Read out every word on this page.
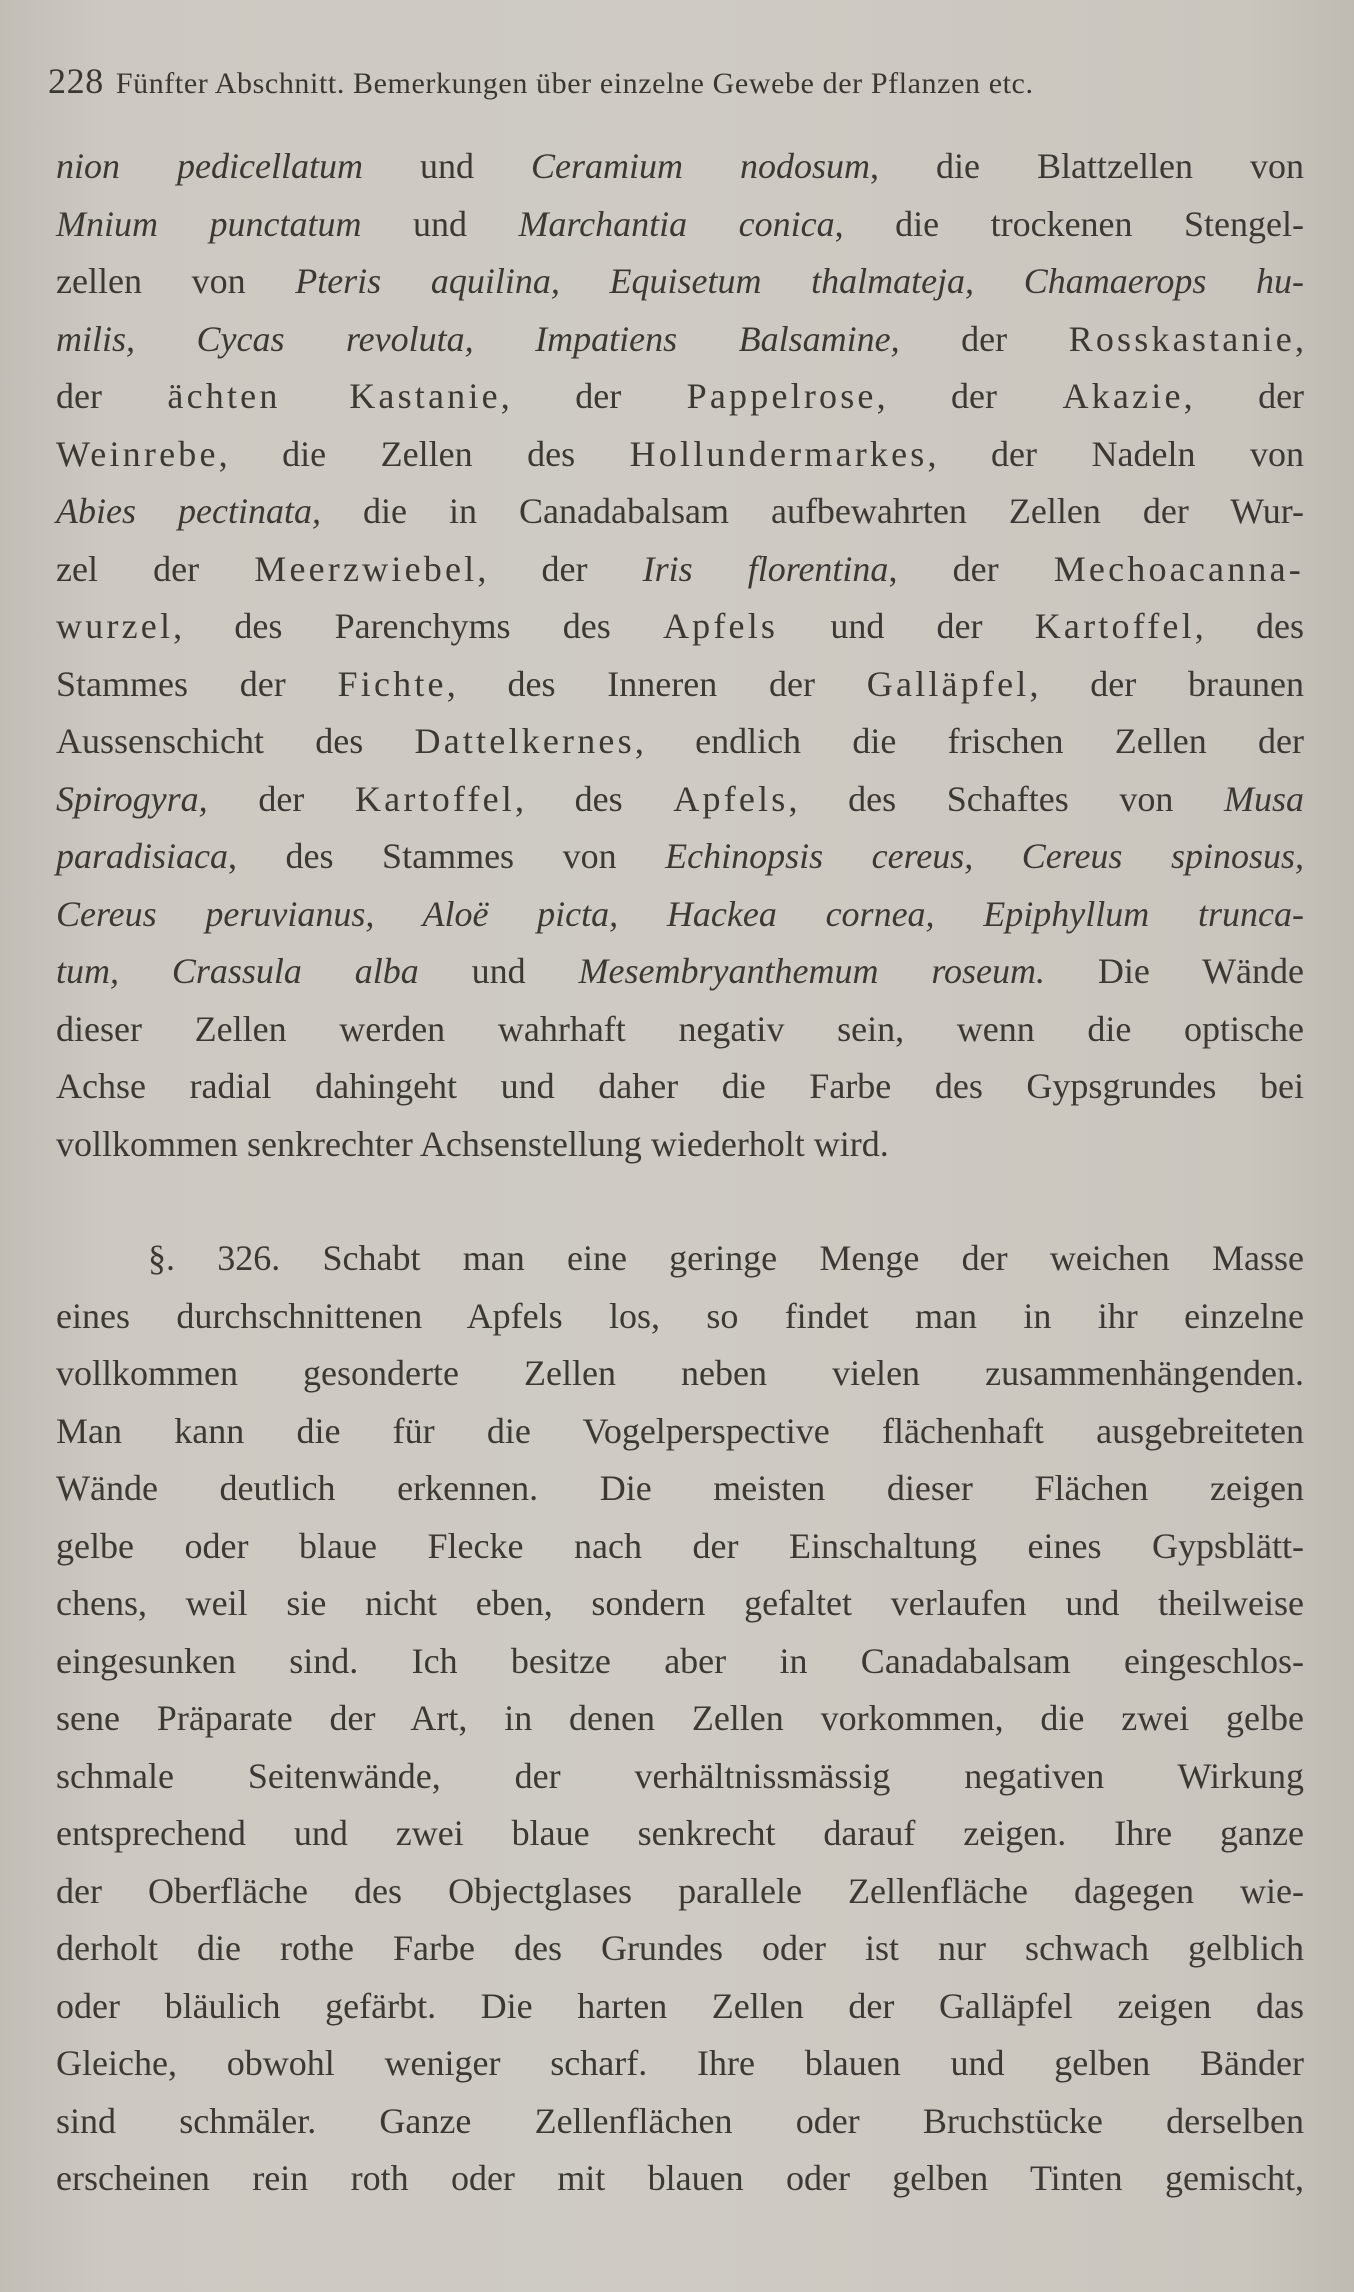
228 Fünfter Abschnitt. Bemerkungen über einzelne Gewebe der Pflanzen etc.
nion pedicellatum und Ceramium nodosum, die Blattzellen von
Mnium punctatum und Marchantia conica, die trockenen Stengel-
zellen von Pteris aquilina, Equisetum thalmateja, Chamaerops hu-
milis, Cycas revoluta, Impatiens Balsamine, der Rosskastanie,
der ächten Kastanie, der Pappelrose, der Akazie, der
Weinrebe, die Zellen des Hollundermarkes, der Nadeln von
Abies pectinata, die in Canadabalsam aufbewahrten Zellen der Wur-
zel der Meerzwiebel, der Iris florentina, der Mechoacanna-
wurzel, des Parenchyms des Apfels und der Kartoffel, des
Stammes der Fichte, des Inneren der Galläpfel, der braunen
Aussenschicht des Dattelkernes, endlich die frischen Zellen der
Spirogyra, der Kartoffel, des Apfels, des Schaftes von Musa
paradisiaca, des Stammes von Echinopsis cereus, Cereus spinosus,
Cereus peruvianus, Aloë picta, Hackea cornea, Epiphyllum trunca-
tum, Crassula alba und Mesembryanthemum roseum. Die Wände
dieser Zellen werden wahrhaft negativ sein, wenn die optische
Achse radial dahingeht und daher die Farbe des Gypsgrundes bei
vollkommen senkrechter Achsenstellung wiederholt wird.
§. 326. Schabt man eine geringe Menge der weichen Masse
eines durchschnittenen Apfels los, so findet man in ihr einzelne
vollkommen gesonderte Zellen neben vielen zusammenhängenden.
Man kann die für die Vogelperspective flächenhaft ausgebreiteten
Wände deutlich erkennen. Die meisten dieser Flächen zeigen
gelbe oder blaue Flecke nach der Einschaltung eines Gypsblätt-
chens, weil sie nicht eben, sondern gefaltet verlaufen und theilweise
eingesunken sind. Ich besitze aber in Canadabalsam eingeschlos-
sene Präparate der Art, in denen Zellen vorkommen, die zwei gelbe
schmale Seitenwände, der verhältnissmässig negativen Wirkung
entsprechend und zwei blaue senkrecht darauf zeigen. Ihre ganze
der Oberfläche des Objectglases parallele Zellenfläche dagegen wie-
derholt die rothe Farbe des Grundes oder ist nur schwach gelblich
oder bläulich gefärbt. Die harten Zellen der Galläpfel zeigen das
Gleiche, obwohl weniger scharf. Ihre blauen und gelben Bänder
sind schmäler. Ganze Zellenflächen oder Bruchstücke derselben
erscheinen rein roth oder mit blauen oder gelben Tinten gemischt,
